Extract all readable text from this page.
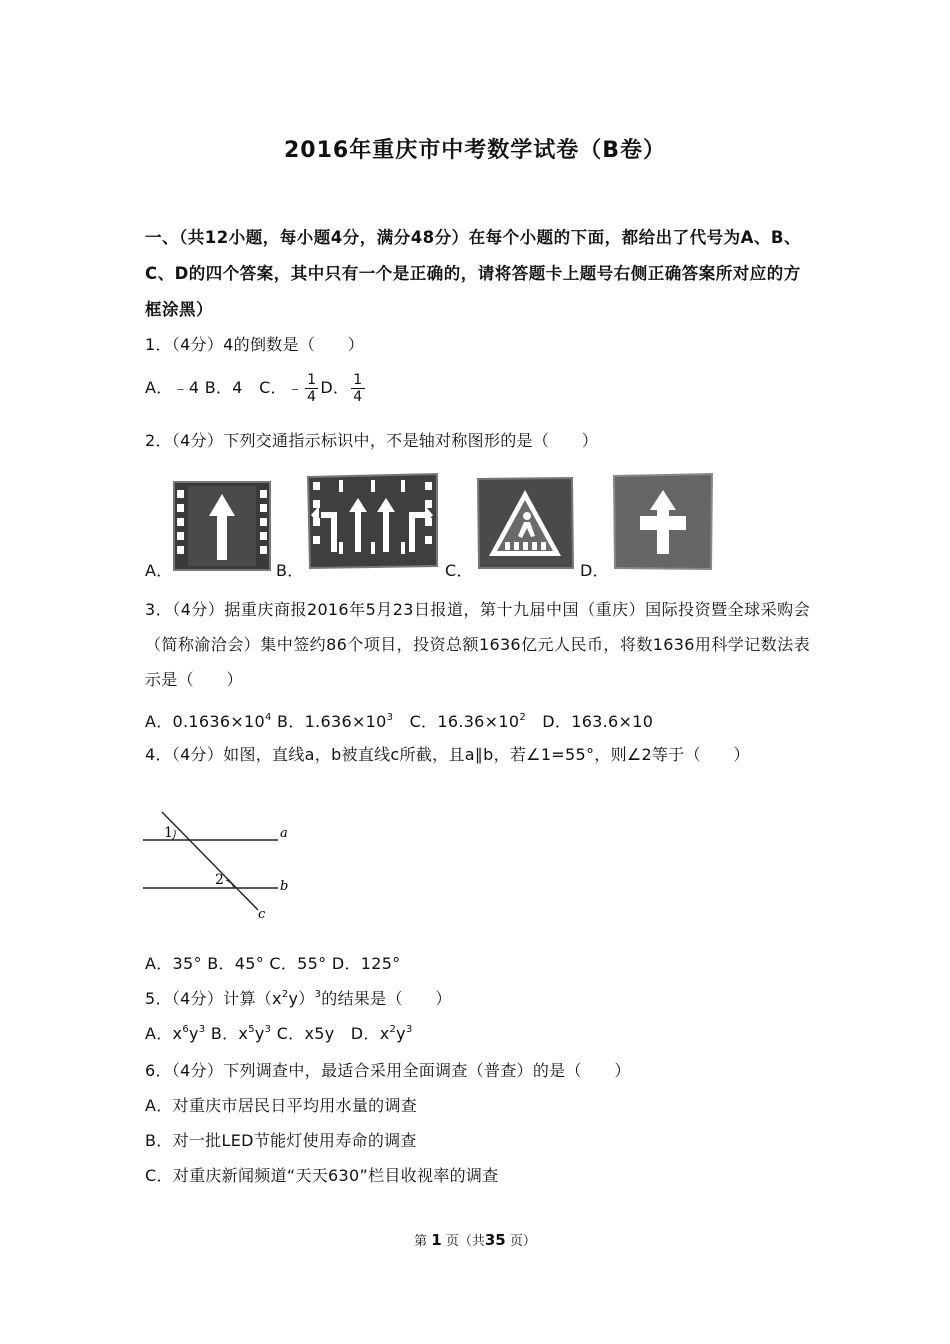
2016年重庆市中考数学试卷（B卷）
一、（共12小题，每小题4分，满分48分）在每个小题的下面，都给出了代号为A、B、C、D的四个答案，其中只有一个是正确的，请将答题卡上题号右侧正确答案所对应的方框涂黑）
1．（4分）4的倒数是（　　）
A．﹣4 B．4　C．﹣ $\frac{1}{4}$ D． $\frac{1}{4}$
2．（4分）下列交通指示标识中，不是轴对称图形的是（　　）
A．	B．	C．	D．
3．（4分）据重庆商报2016年5月23日报道，第十九届中国（重庆）国际投资暨全球采购会（简称渝洽会）集中签约86个项目，投资总额1636亿元人民币，将数1636用科学记数法表示是（　　）
A．$0.1636\times 10^4$ B．$1.636\times 10^3$　C．$16.36\times 10^2$　D．163.6×10
4．（4分）如图，直线a，b被直线c所截，且a∥b，若∠1=55°，则∠2等于（　　）
1
2
a
b
c
A．35° B．45° C．55° D．125°
5．（4分）计算$(x^2y)^3$的结果是（　　）
A．$x^6y^3$ B．$x^5y^3$ C．x5y　D．$x^2y^3$
6．（4分）下列调查中，最适合采用全面调查（普查）的是（　　）
A．对重庆市居民日平均用水量的调查
B．对一批LED节能灯使用寿命的调查
C．对重庆新闻频道“天天630”栏目收视率的调查
第 1 页（共35 页）
